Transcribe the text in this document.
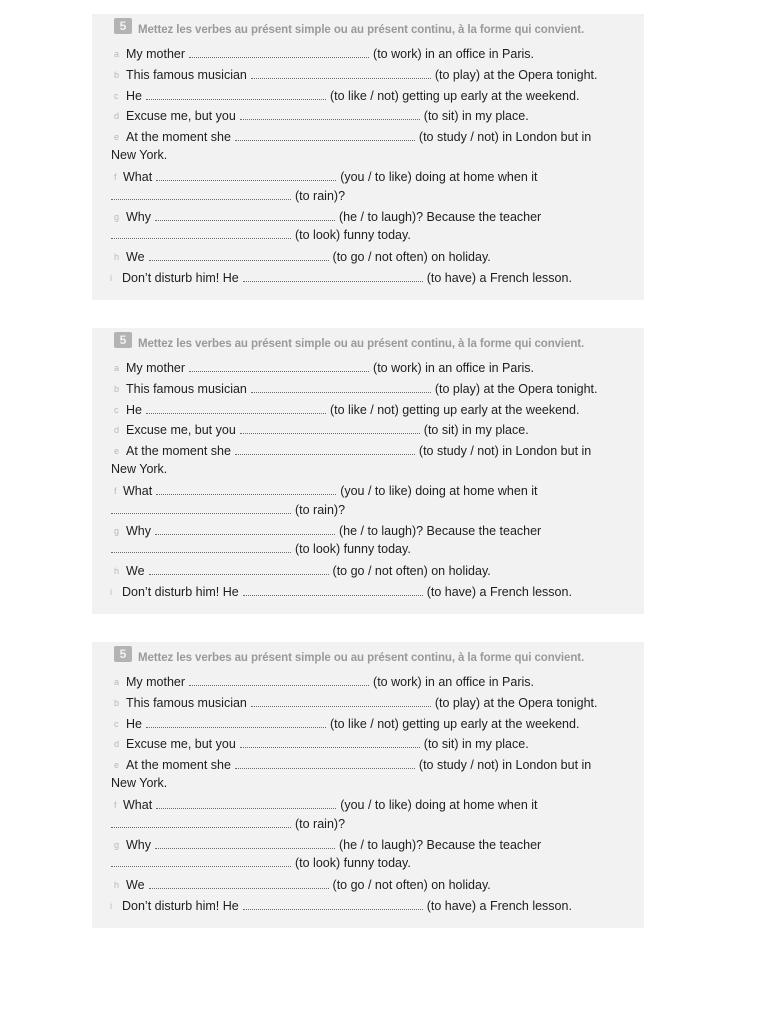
5	Mettez les verbes au présent simple ou au présent continu, à la forme qui convient.
a My mother	(to work) in an office in Paris.
b This famous musician	(to play) at the Opera tonight.
c He	(to like / not) getting up early at the weekend.
d Excuse me, but you	(to sit) in my place.
e At the moment she	(to study / not) in London but in
New York.
f What	(you / to like) doing at home when it
(to rain)?
g Why	(he / to laugh)? Because the teacher
(to look) funny today.
h We	(to go / not often) on holiday.
i Don’t disturb him! He	(to have) a French lesson.
5	Mettez les verbes au présent simple ou au présent continu, à la forme qui convient.
a My mother	(to work) in an office in Paris.
b This famous musician	(to play) at the Opera tonight.
c He	(to like / not) getting up early at the weekend.
d Excuse me, but you	(to sit) in my place.
e At the moment she	(to study / not) in London but in
New York.
f What	(you / to like) doing at home when it
(to rain)?
g Why	(he / to laugh)? Because the teacher
(to look) funny today.
h We	(to go / not often) on holiday.
i Don’t disturb him! He	(to have) a French lesson.
5	Mettez les verbes au présent simple ou au présent continu, à la forme qui convient.
a My mother	(to work) in an office in Paris.
b This famous musician	(to play) at the Opera tonight.
c He	(to like / not) getting up early at the weekend.
d Excuse me, but you	(to sit) in my place.
e At the moment she	(to study / not) in London but in
New York.
f What	(you / to like) doing at home when it
(to rain)?
g Why	(he / to laugh)? Because the teacher
(to look) funny today.
h We	(to go / not often) on holiday.
i Don’t disturb him! He	(to have) a French lesson.
